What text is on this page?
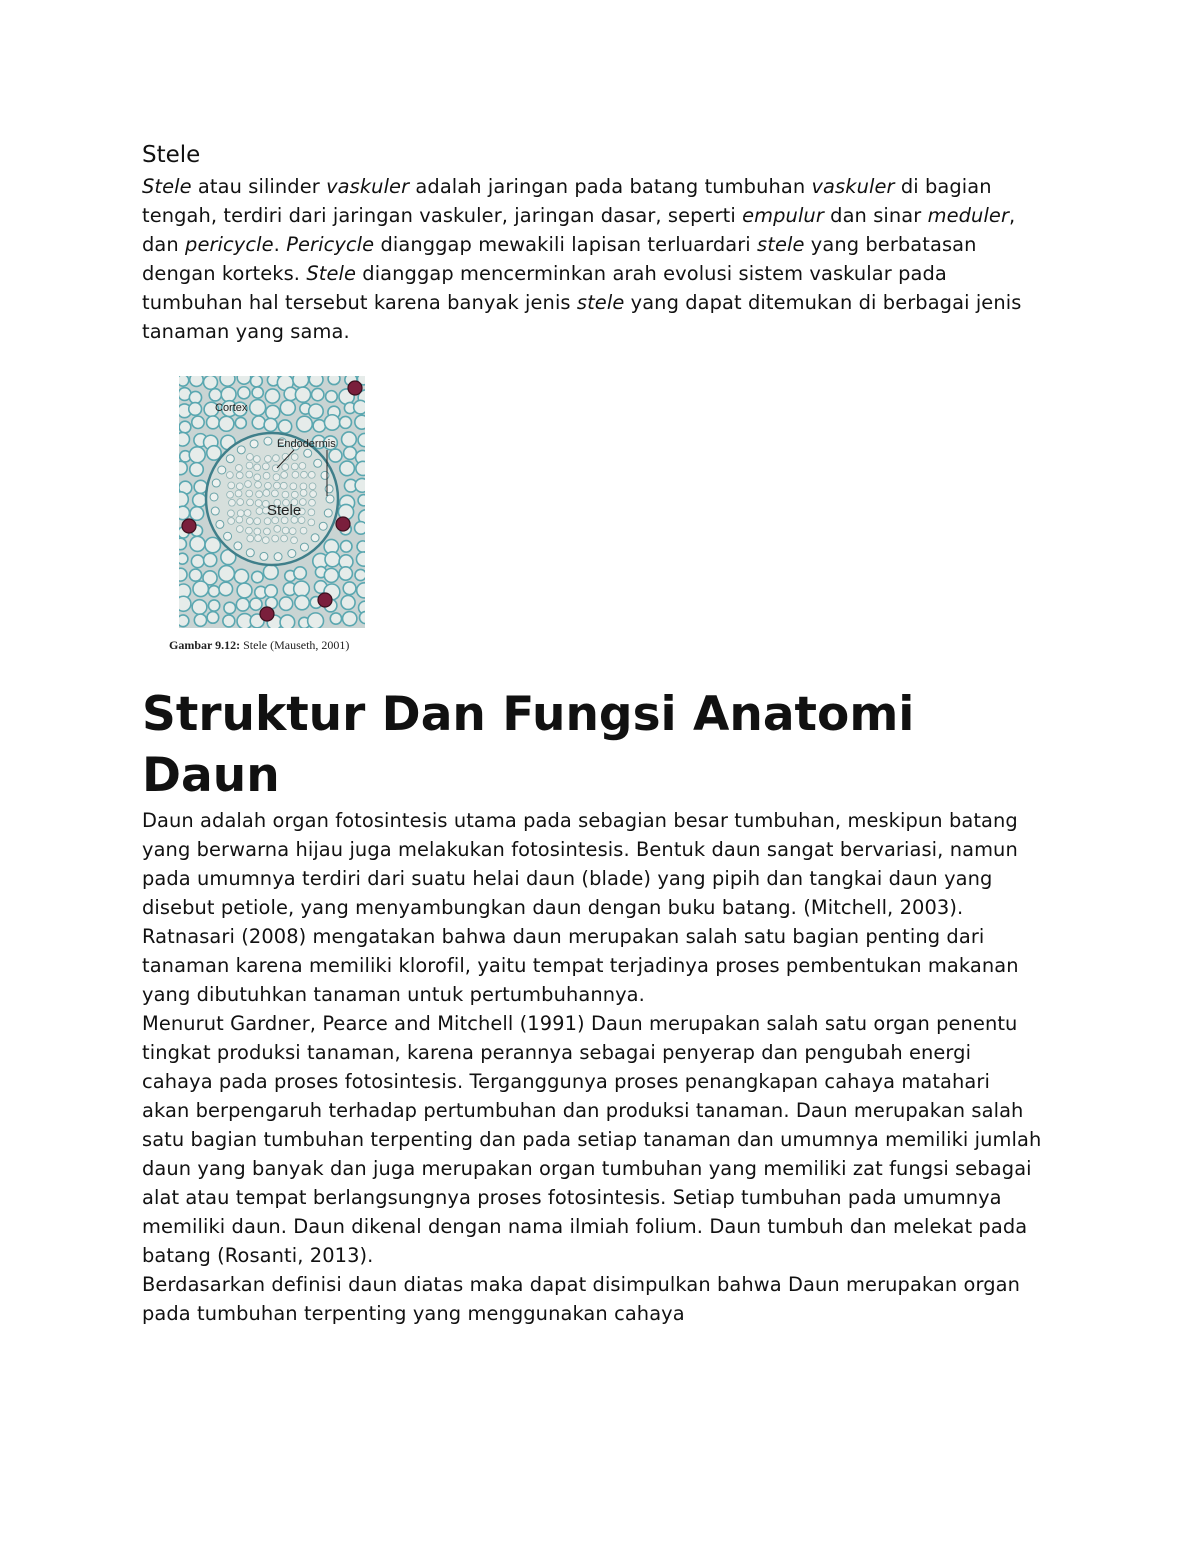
Stele

Stele atau silinder vaskuler adalah jaringan pada batang tumbuhan vaskuler di bagian tengah, terdiri dari jaringan vaskuler, jaringan dasar, seperti empulur dan sinar meduler, dan pericycle. Pericycle dianggap mewakili lapisan terluardari stele yang berbatasan dengan korteks. Stele dianggap mencerminkan arah evolusi sistem vaskular pada tumbuhan hal tersebut karena banyak jenis stele yang dapat ditemukan di berbagai jenis tanaman yang sama.

Cortex
Endodermis
Stele
Gambar 9.12: Stele (Mauseth, 2001)
Struktur Dan Fungsi Anatomi Daun

Daun adalah organ fotosintesis utama pada sebagian besar tumbuhan, meskipun batang yang berwarna hijau juga melakukan fotosintesis. Bentuk daun sangat bervariasi, namun pada umumnya terdiri dari suatu helai daun (blade) yang pipih dan tangkai daun yang disebut petiole, yang menyambungkan daun dengan buku batang. (Mitchell, 2003). Ratnasari (2008) mengatakan bahwa daun merupakan salah satu bagian penting dari tanaman karena memiliki klorofil, yaitu tempat terjadinya proses pembentukan makanan yang dibutuhkan tanaman untuk pertumbuhannya.

Menurut Gardner, Pearce and Mitchell (1991) Daun merupakan salah satu organ penentu tingkat produksi tanaman, karena perannya sebagai penyerap dan pengubah energi cahaya pada proses fotosintesis. Terganggunya proses penangkapan cahaya matahari akan berpengaruh terhadap pertumbuhan dan produksi tanaman. Daun merupakan salah satu bagian tumbuhan terpenting dan pada setiap tanaman dan umumnya memiliki jumlah daun yang banyak dan juga merupakan organ tumbuhan yang memiliki zat fungsi sebagai alat atau tempat berlangsungnya proses fotosintesis. Setiap tumbuhan pada umumnya memiliki daun. Daun dikenal dengan nama ilmiah folium. Daun tumbuh dan melekat pada batang (Rosanti, 2013).

Berdasarkan definisi daun diatas maka dapat disimpulkan bahwa Daun merupakan organ pada tumbuhan terpenting yang menggunakan cahaya
